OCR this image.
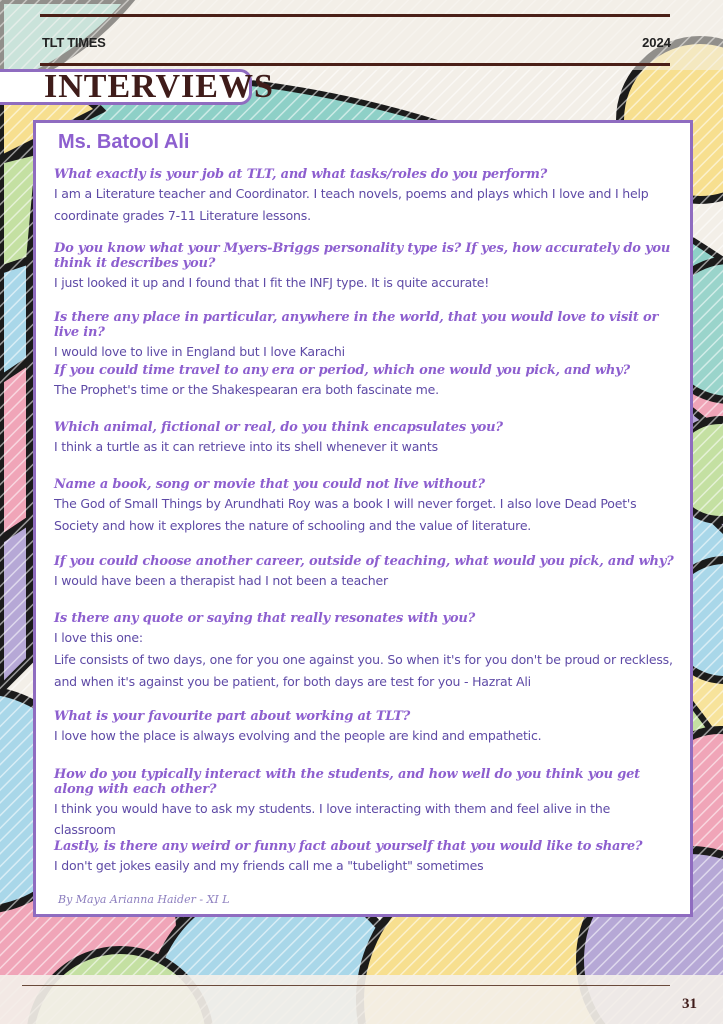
TLT TIMES	2024
INTERVIEWS
Ms. Batool Ali
What exactly is your job at TLT, and what tasks/roles do you perform?
I am a Literature teacher and Coordinator. I teach novels, poems and plays which I love and I help
coordinate grades 7-11 Literature lessons.
Do you know what your Myers-Briggs personality type is? If yes, how accurately do you think it describes you?
I just looked it up and I found that I fit the INFJ type. It is quite accurate!
Is there any place in particular, anywhere in the world, that you would love to visit or live in?
I would love to live in England but I love Karachi
If you could time travel to any era or period, which one would you pick, and why?
The Prophet's time or the Shakespearan era both fascinate me.
Which animal, fictional or real, do you think encapsulates you?
I think a turtle as it can retrieve into its shell whenever it wants
Name a book, song or movie that you could not live without?
The God of Small Things by Arundhati Roy was a book I will never forget. I also love Dead Poet's
Society and how it explores the nature of schooling and the value of literature.
If you could choose another career, outside of teaching, what would you pick, and why?
I would have been a therapist had I not been a teacher
Is there any quote or saying that really resonates with you?
I love this one:
Life consists of two days, one for you one against you. So when it's for you don't be proud or reckless,
and when it's against you be patient, for both days are test for you - Hazrat Ali
What is your favourite part about working at TLT?
I love how the place is always evolving and the people are kind and empathetic.
How do you typically interact with the students, and how well do you think you get along with each other?
I think you would have to ask my students. I love interacting with them and feel alive in the classroom
Lastly, is there any weird or funny fact about yourself that you would like to share?
I don't get jokes easily and my friends call me a "tubelight" sometimes
By Maya Arianna Haider - XI L
31
